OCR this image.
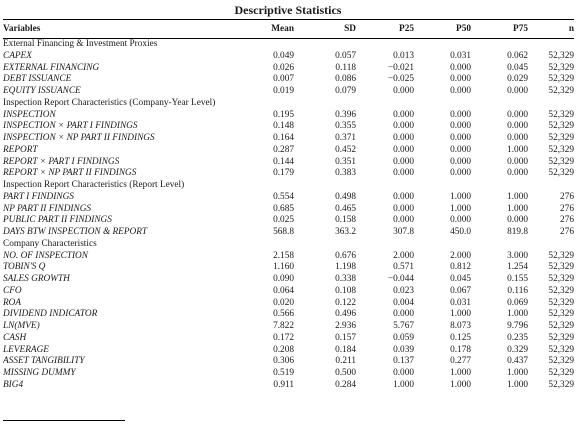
Descriptive Statistics
Variables	Mean	SD	P25	P50	P75	n
External Financing & Investment Proxies						
CAPEX	0.049	0.057	0.013	0.031	0.062	52,329
EXTERNAL FINANCING	0.026	0.118	−0.021	0.000	0.045	52,329
DEBT ISSUANCE	0.007	0.086	−0.025	0.000	0.029	52,329
EQUITY ISSUANCE	0.019	0.079	0.000	0.000	0.000	52,329
Inspection Report Characteristics (Company-Year Level)						
INSPECTION	0.195	0.396	0.000	0.000	0.000	52,329
INSPECTION × PART I FINDINGS	0.148	0.355	0.000	0.000	0.000	52,329
INSPECTION × NP PART II FINDINGS	0.164	0.371	0.000	0.000	0.000	52,329
REPORT	0.287	0.452	0.000	0.000	1.000	52,329
REPORT × PART I FINDINGS	0.144	0.351	0.000	0.000	0.000	52,329
REPORT × NP PART II FINDINGS	0.179	0.383	0.000	0.000	0.000	52,329
Inspection Report Characteristics (Report Level)						
PART I FINDINGS	0.554	0.498	0.000	1.000	1.000	276
NP PART II FINDINGS	0.685	0.465	0.000	1.000	1.000	276
PUBLIC PART II FINDINGS	0.025	0.158	0.000	0.000	0.000	276
DAYS BTW INSPECTION & REPORT	568.8	363.2	307.8	450.0	819.8	276
Company Characteristics						
NO. OF INSPECTION	2.158	0.676	2.000	2.000	3.000	52,329
TOBIN'S Q	1.160	1.198	0.571	0.812	1.254	52,329
SALES GROWTH	0.090	0.338	−0.044	0.045	0.155	52,329
CFO	0.064	0.108	0.023	0.067	0.116	52,329
ROA	0.020	0.122	0.004	0.031	0.069	52,329
DIVIDEND INDICATOR	0.566	0.496	0.000	1.000	1.000	52,329
LN(MVE)	7.822	2.936	5.767	8.073	9.796	52,329
CASH	0.172	0.157	0.059	0.125	0.235	52,329
LEVERAGE	0.208	0.184	0.039	0.178	0.329	52,329
ASSET TANGIBILITY	0.306	0.211	0.137	0.277	0.437	52,329
MISSING DUMMY	0.519	0.500	0.000	1.000	1.000	52,329
BIG4	0.911	0.284	1.000	1.000	1.000	52,329
